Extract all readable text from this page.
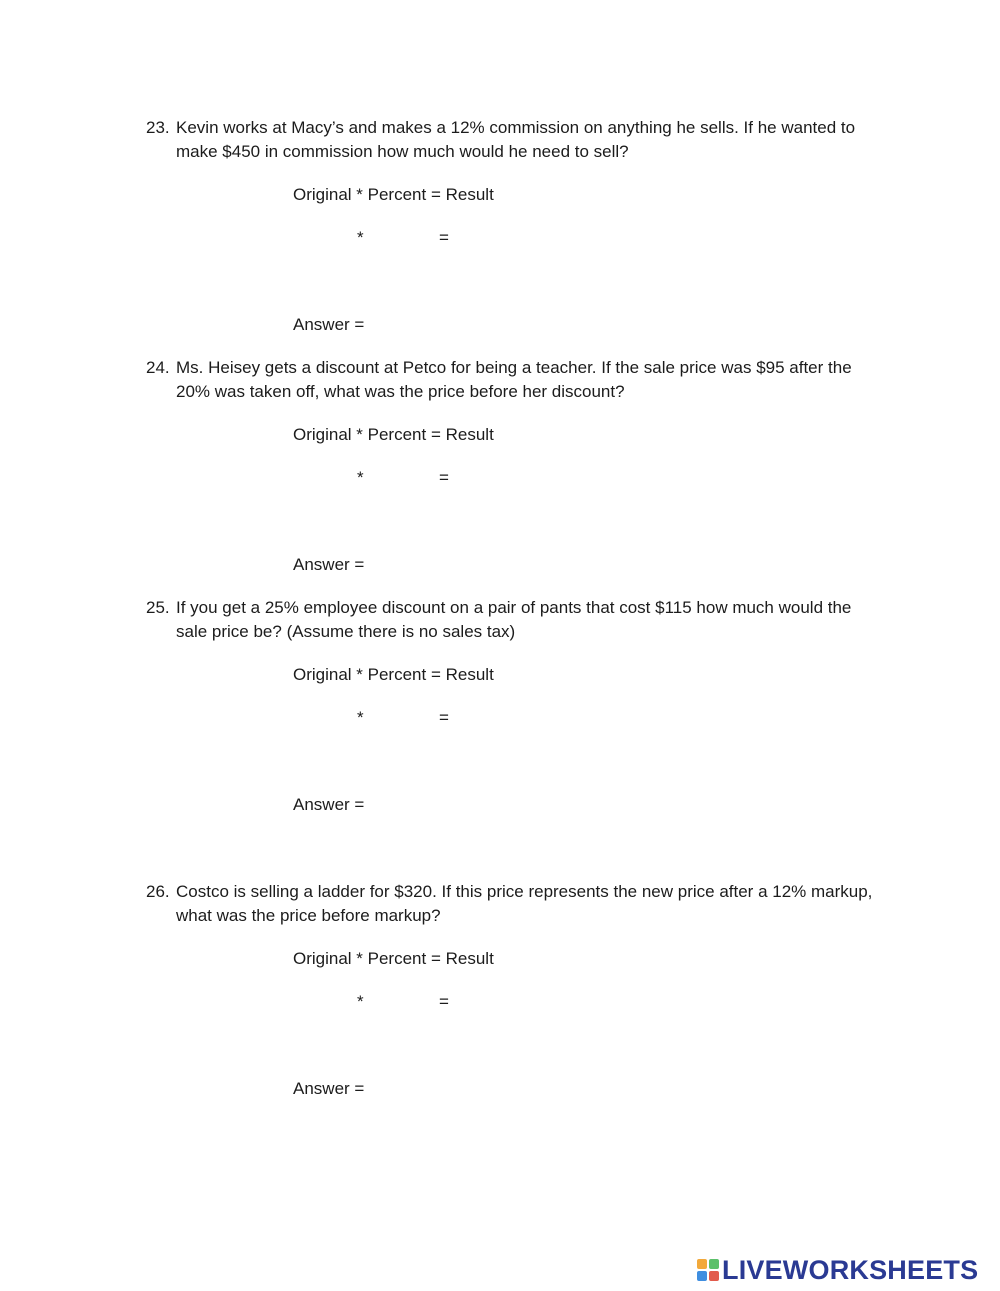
23. Kevin works at Macy’s and makes a 12% commission on anything he sells. If he wanted to make $450 in commission how much would he need to sell?
Original * Percent = Result
*	=
Answer =
24. Ms. Heisey gets a discount at Petco for being a teacher. If the sale price was $95 after the 20% was taken off, what was the price before her discount?
Original * Percent = Result
*	=
Answer =
25. If you get a 25% employee discount on a pair of pants that cost $115 how much would the sale price be? (Assume there is no sales tax)
Original * Percent = Result
*	=
Answer =
26. Costco is selling a ladder for $320. If this price represents the new price after a 12% markup, what was the price before markup?
Original * Percent = Result
*	=
Answer =
LIVEWORKSHEETS
